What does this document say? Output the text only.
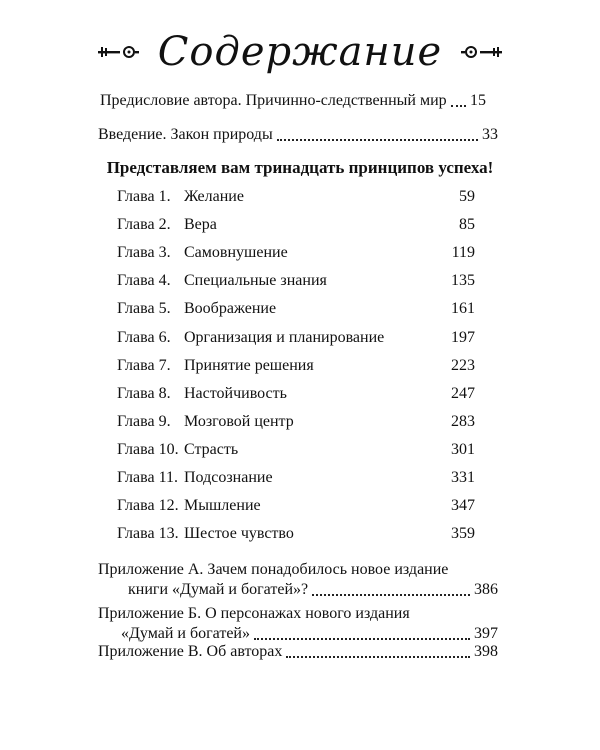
Содержание
Предисловие автора. Причинно-следственный мир 15
Введение. Закон природы	33
Представляем вам тринадцать принципов успеха!
Глава 1. Желание	59
Глава 2. Вера	85
Глава 3. Самовнушение	119
Глава 4. Специальные знания	135
Глава 5. Воображение	161
Глава 6. Организация и планирование	197
Глава 7. Принятие решения	223
Глава 8. Настойчивость	247
Глава 9. Мозговой центр	283
Глава 10. Страсть	301
Глава 11. Подсознание	331
Глава 12. Мышление	347
Глава 13. Шестое чувство	359
Приложение А. Зачем понадобилось новое издание
книги «Думай и богатей»?	386
Приложение Б. О персонажах нового издания
«Думай и богатей»	397
Приложение В. Об авторах	398
